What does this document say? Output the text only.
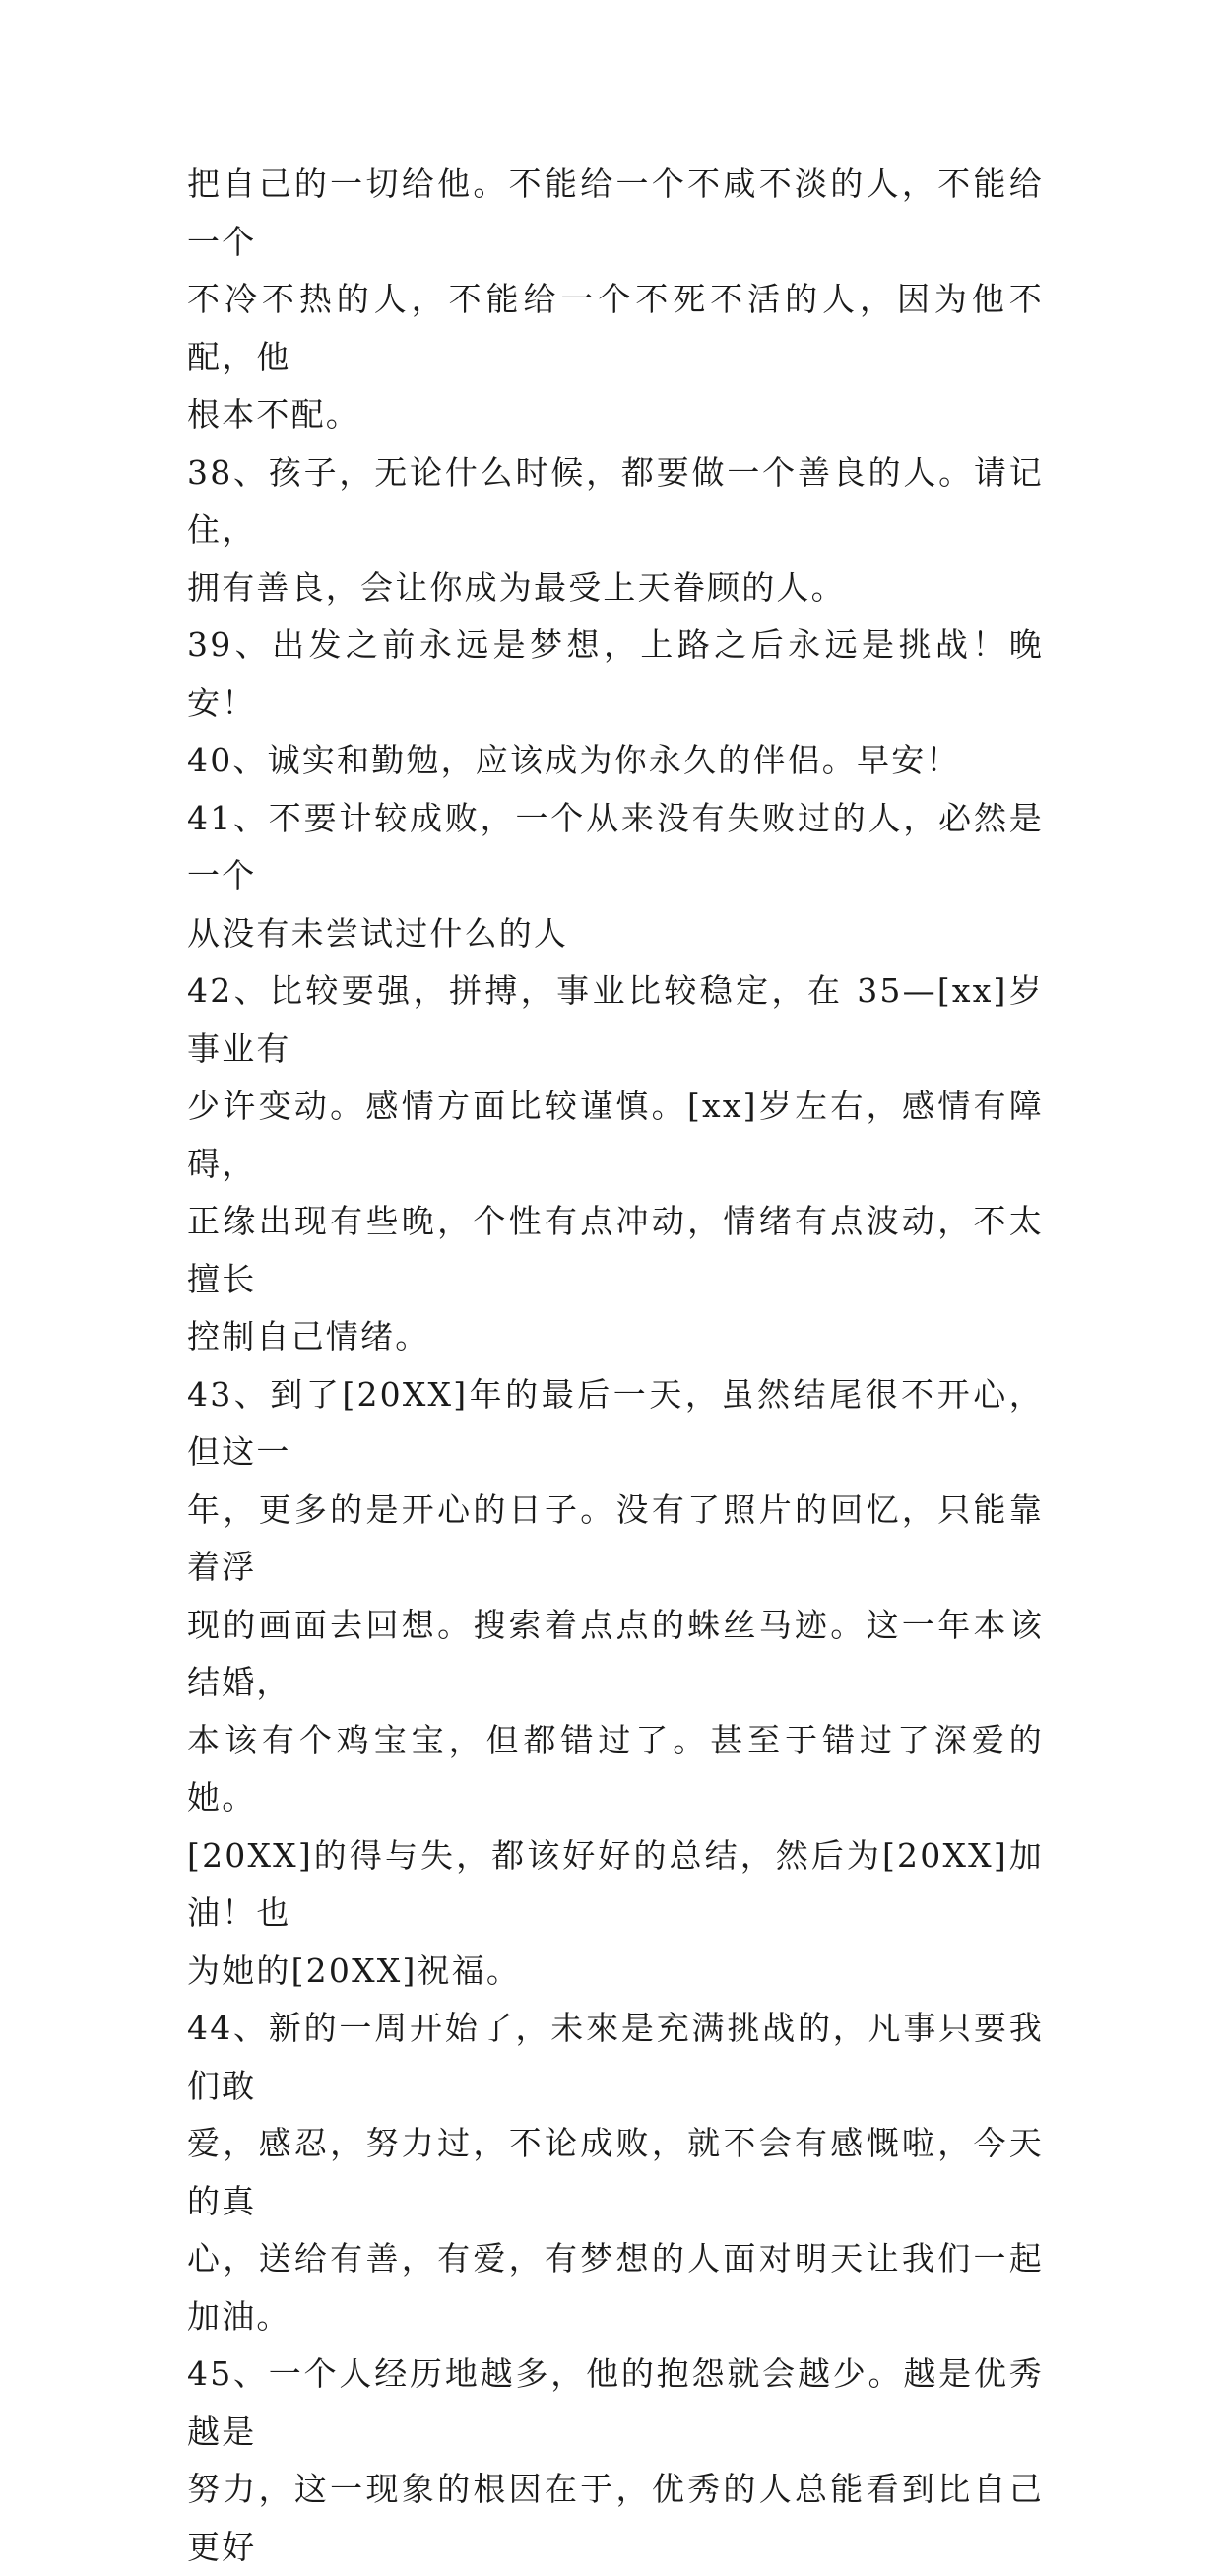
把自己的一切给他。不能给一个不咸不淡的人，不能给一个
不冷不热的人，不能给一个不死不活的人，因为他不配，他
根本不配。

38、孩子，无论什么时候，都要做一个善良的人。请记住，
拥有善良，会让你成为最受上天眷顾的人。

39、出发之前永远是梦想，上路之后永远是挑战！晚安！

40、诚实和勤勉，应该成为你永久的伴侣。早安！

41、不要计较成败，一个从来没有失败过的人，必然是一个
从没有未尝试过什么的人

42、比较要强，拼搏，事业比较稳定，在 35—[xx]岁事业有
少许变动。感情方面比较谨慎。[xx]岁左右，感情有障碍，
正缘出现有些晚，个性有点冲动，情绪有点波动，不太擅长
控制自己情绪。

43、到了[20XX]年的最后一天，虽然结尾很不开心，但这一
年，更多的是开心的日子。没有了照片的回忆，只能靠着浮
现的画面去回想。搜索着点点的蛛丝马迹。这一年本该结婚，
本该有个鸡宝宝，但都错过了。甚至于错过了深爱的她。
[20XX]的得与失，都该好好的总结，然后为[20XX]加油！也
为她的[20XX]祝福。

44、新的一周开始了，未來是充满挑战的，凡事只要我们敢
爱，感忍，努力过，不论成败，就不会有感慨啦，今天的真
心，送给有善，有爱，有梦想的人面对明天让我们一起加油。

45、一个人经历地越多，他的抱怨就会越少。越是优秀越是
努力，这一现象的根因在于，优秀的人总能看到比自己更好
